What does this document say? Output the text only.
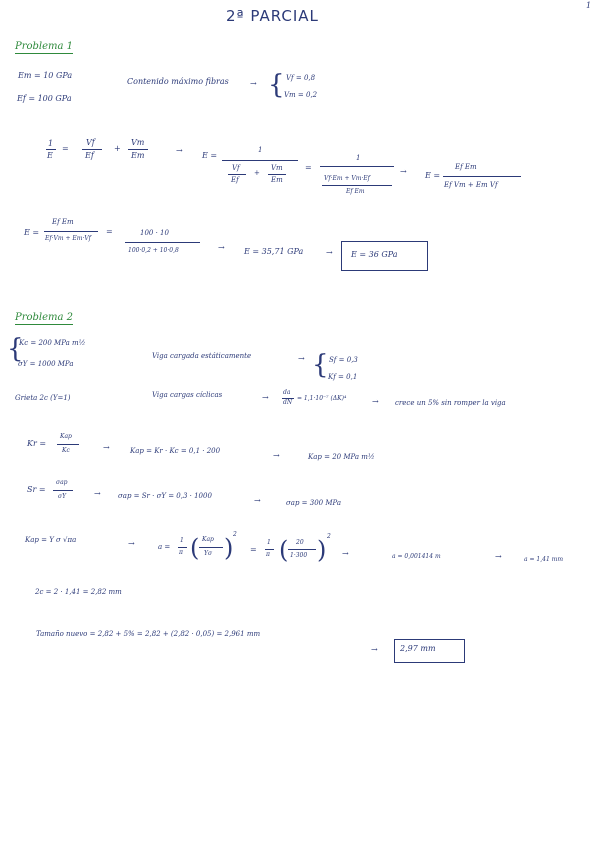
1
2ª PARCIAL
Problema 1
Em = 10 GPa
Ef = 100 GPa
Contenido máximo fibras	→ { Vf = 0,8
Vm = 0,2
1
E
=
Vf
Ef
+
Vm
Em
→
E =
1
Vf
Ef
+
Vm
Em
=
1
Vf·Em + Vm·Ef
Ef Em
→ E =
Ef Em
Ef Vm + Em Vf
E =
Ef Em
Ef·Vm + Em·Vf
=	100 · 10
100·0,2 + 10·0,8	→ E = 35,71 GPa	→ E = 36 GPa
Problema 2
{
Kc = 200 MPa m½
σY = 1000 MPa
Viga cargada estáticamente	→ { Sf = 0,3
Kf = 0,1
Grieta 2c (Y=1)	Viga cargas cíclicas	→
da
dN
= 1,1·10⁻⁷ (ΔK)⁴	→ crece un 5% sin romper la viga
Kr =
Kap
Kc	→	Kap = Kr · Kc = 0,1 · 200	→	Kap = 20 MPa m½
Sr =
σap
σY	→ σap = Sr · σY = 0,3 · 1000	→	σap = 300 MPa
Kap = Y σ √πa	→	a =
1
π ( Kap
Yσ ) 2
=
1
π ( 20
1·300 ) 2
→	a = 0,001414 m	→	a = 1,41 mm
2c = 2 · 1,41 = 2,82 mm
Tamaño nuevo = 2,82 + 5% = 2,82 + (2,82 · 0,05) = 2,961 mm
→	2,97 mm
